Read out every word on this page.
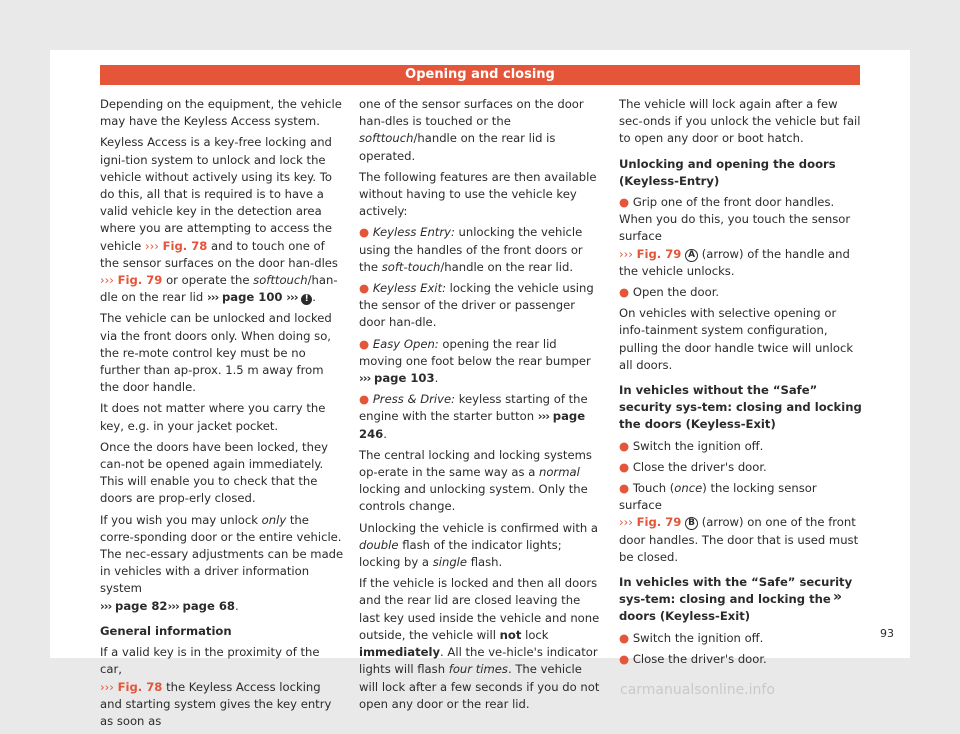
Opening and closing

Depending on the equipment, the vehicle may have the Keyless Access system.

Keyless Access is a key-free locking and igni-tion system to unlock and lock the vehicle without actively using its key. To do this, all that is required is to have a valid vehicle key in the detection area where you are attempting to access the vehicle ››› Fig. 78 and to touch one of the sensor surfaces on the door han-dles ››› Fig. 79 or operate the softtouch/han-dle on the rear lid ››› page 100 ››› ! .

The vehicle can be unlocked and locked via the front doors only. When doing so, the re-mote control key must be no further than ap-prox. 1.5 m away from the door handle.

It does not matter where you carry the key, e.g. in your jacket pocket.

Once the doors have been locked, they can-not be opened again immediately. This will enable you to check that the doors are prop-erly closed.

If you wish you may unlock only the corre-sponding door or the entire vehicle. The nec-essary adjustments can be made in vehicles with a driver information system
››› page 82››› page 68.

General information

If a valid key is in the proximity of the car,
››› Fig. 78 the Keyless Access locking and starting system gives the key entry as soon as

one of the sensor surfaces on the door han-dles is touched or the softtouch/handle on the rear lid is operated.

The following features are then available without having to use the vehicle key actively:

● Keyless Entry: unlocking the vehicle using the handles of the front doors or the soft-touch/handle on the rear lid.

● Keyless Exit: locking the vehicle using the sensor of the driver or passenger door han-dle.

● Easy Open: opening the rear lid moving one foot below the rear bumper ››› page 103.

● Press & Drive: keyless starting of the engine with the starter button ››› page 246.

The central locking and locking systems op-erate in the same way as a normal locking and unlocking system. Only the controls change.

Unlocking the vehicle is confirmed with a double flash of the indicator lights; locking by a single flash.

If the vehicle is locked and then all doors and the rear lid are closed leaving the last key used inside the vehicle and none outside, the vehicle will not lock immediately. All the ve-hicle's indicator lights will flash four times. The vehicle will lock after a few seconds if you do not open any door or the rear lid.

The vehicle will lock again after a few sec-onds if you unlock the vehicle but fail to open any door or boot hatch.

Unlocking and opening the doors (Keyless-Entry)

● Grip one of the front door handles. When you do this, you touch the sensor surface
››› Fig. 79 A (arrow) of the handle and the vehicle unlocks.

● Open the door.

On vehicles with selective opening or info-tainment system configuration, pulling the door handle twice will unlock all doors.

In vehicles without the “Safe” security sys-tem: closing and locking the doors (Keyless-Exit)

● Switch the ignition off.

● Close the driver's door.

● Touch (once) the locking sensor surface
››› Fig. 79 B (arrow) on one of the front door handles. The door that is used must be closed.

In vehicles with the “Safe” security sys-tem: closing and locking the doors (Keyless-Exit)

● Switch the ignition off.

● Close the driver's door.

»
93
carmanualsonline.info
